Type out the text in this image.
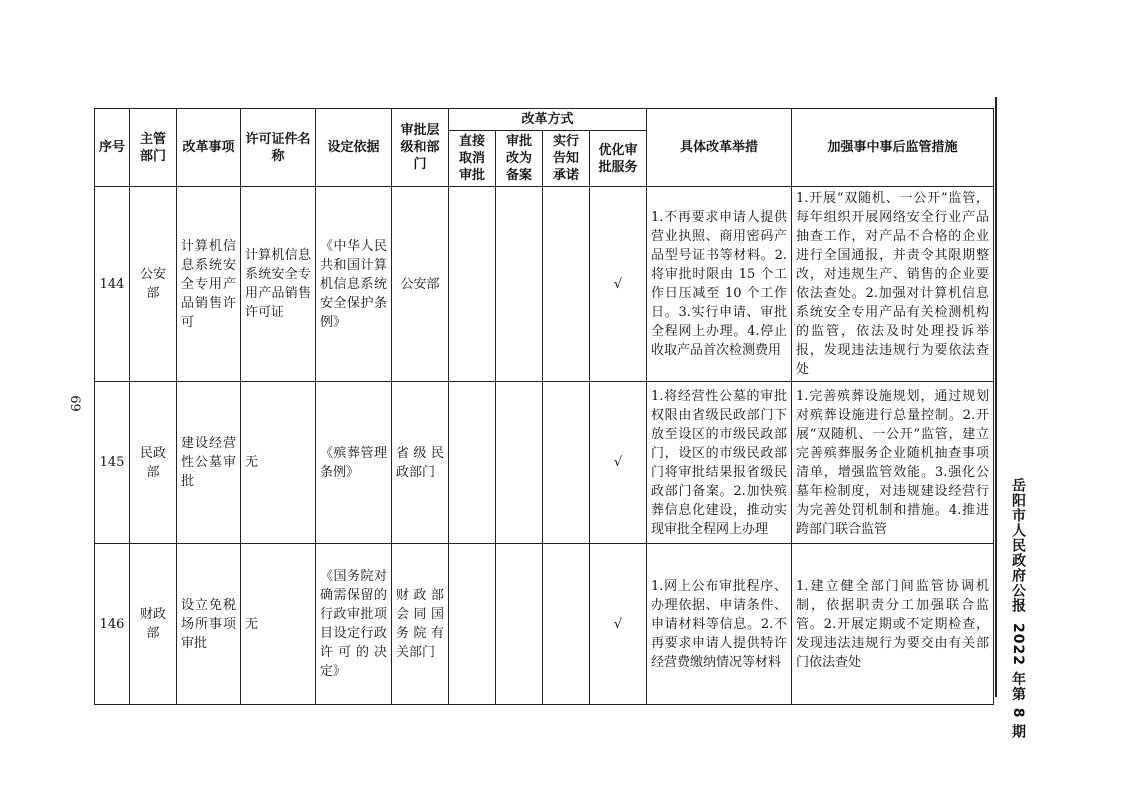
69
岳阳市人民政府公报2022 年第 8 期
序号	主管部门	改革事项	许可证件名称	设定依据	审批层级和部门	改革方式				具体改革举措	加强事中事后监管措施
						直接取消审批	审批改为备案	实行告知承诺	优化审批服务		
144	公安部	计算机信息系统安全专用产品销售许可	计算机信息系统安全专用产品销售许可证	《中华人民共和国计算机信息系统安全保护条例》	公安部				√	1.不再要求申请人提供营业执照、商用密码产品型号证书等材料。2.将审批时限由 15 个工作日压减至 10 个工作日。3.实行申请、审批全程网上办理。4.停止收取产品首次检测费用	1.开展“双随机、一公开”监管，每年组织开展网络安全行业产品抽查工作，对产品不合格的企业进行全国通报，并责令其限期整改，对违规生产、销售的企业要依法查处。2.加强对计算机信息系统安全专用产品有关检测机构的监管，依法及时处理投诉举报，发现违法违规行为要依法查处
145	民政部	建设经营性公墓审批	无	《殡葬管理条例》	省级民政部门				√	1.将经营性公墓的审批权限由省级民政部门下放至设区的市级民政部门，设区的市级民政部门将审批结果报省级民政部门备案。2.加快殡葬信息化建设，推动实现审批全程网上办理	1.完善殡葬设施规划，通过规划对殡葬设施进行总量控制。2.开展“双随机、一公开”监管，建立完善殡葬服务企业随机抽查事项清单，增强监管效能。3.强化公墓年检制度，对违规建设经营行为完善处罚机制和措施。4.推进跨部门联合监管
146	财政部	设立免税场所事项审批	无	《国务院对确需保留的行政审批项目设定行政许可的决定》	财政部会同国务院有关部门				√	1.网上公布审批程序、办理依据、申请条件、申请材料等信息。2.不再要求申请人提供特许经营费缴纳情况等材料	1.建立健全部门间监管协调机制，依据职责分工加强联合监管。2.开展定期或不定期检查，发现违法违规行为要交由有关部门依法查处
